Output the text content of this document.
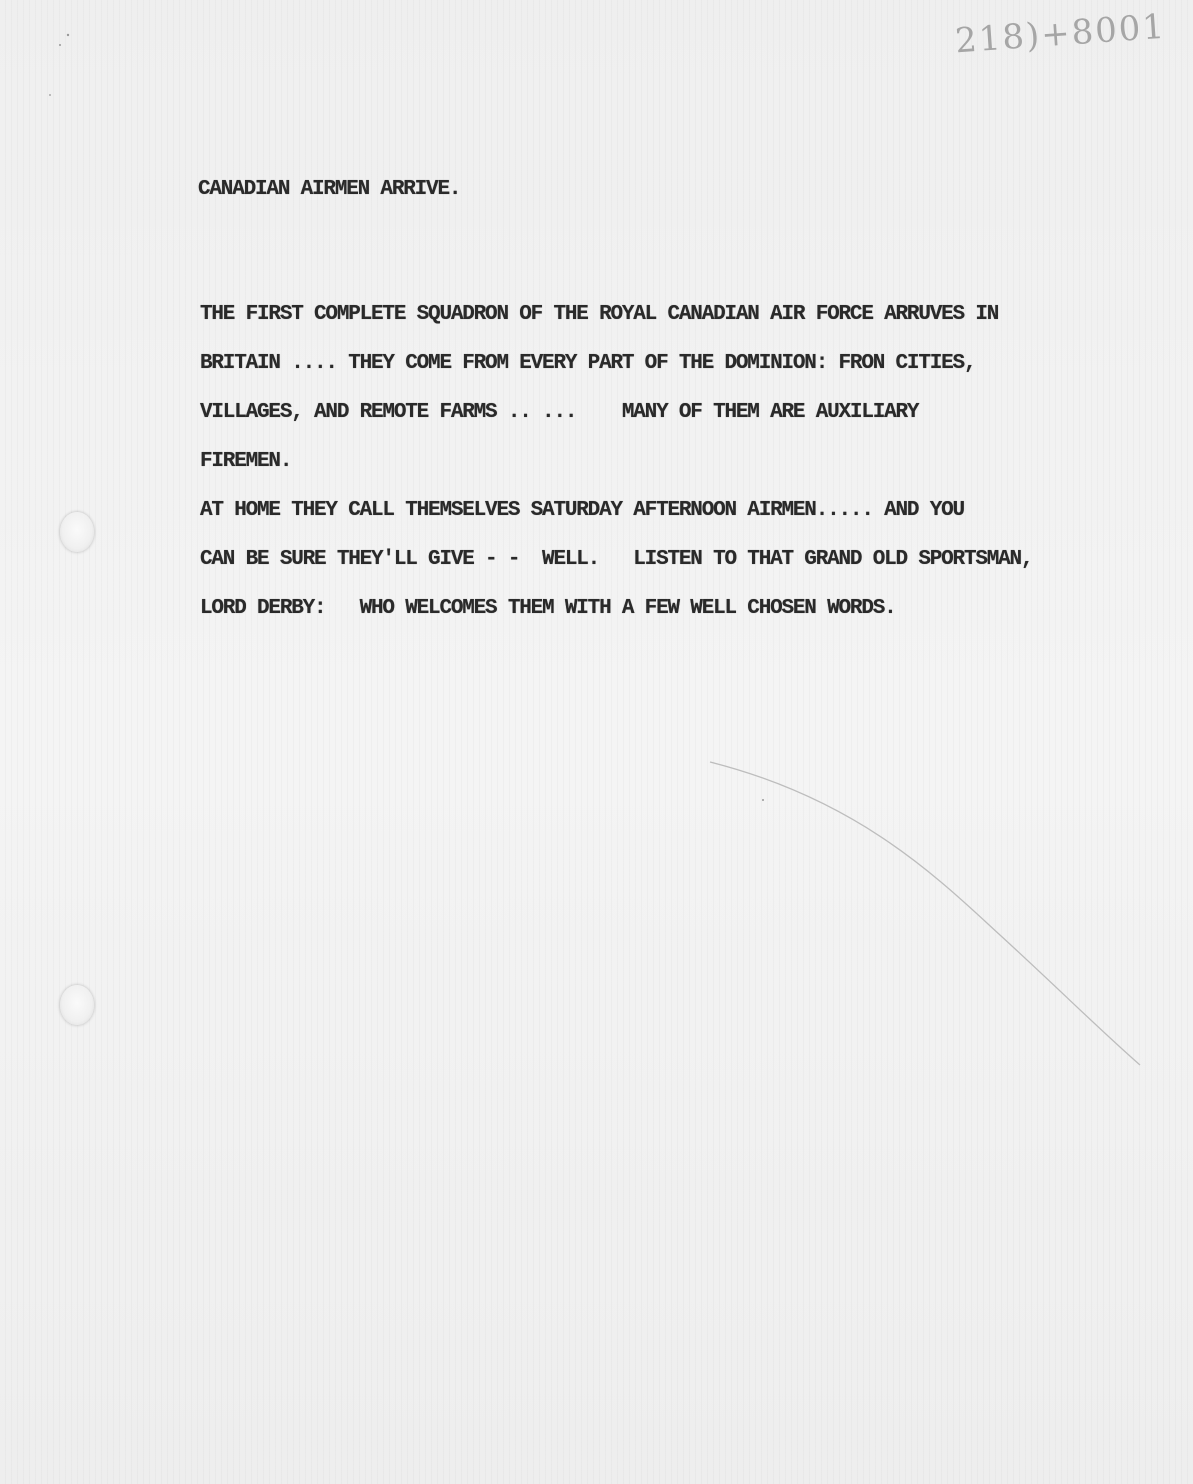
218)+8001

CANADIAN AIRMEN ARRIVE.

THE FIRST COMPLETE SQUADRON OF THE ROYAL CANADIAN AIR FORCE ARRUVES IN

BRITAIN .... THEY COME FROM EVERY PART OF THE DOMINION: FRON CITIES,

VILLAGES, AND REMOTE FARMS .. ...    MANY OF THEM ARE AUXILIARY

FIREMEN.

AT HOME THEY CALL THEMSELVES SATURDAY AFTERNOON AIRMEN..... AND YOU

CAN BE SURE THEY'LL GIVE - -  WELL.   LISTEN TO THAT GRAND OLD SPORTSMAN,

LORD DERBY:   WHO WELCOMES THEM WITH A FEW WELL CHOSEN WORDS.
